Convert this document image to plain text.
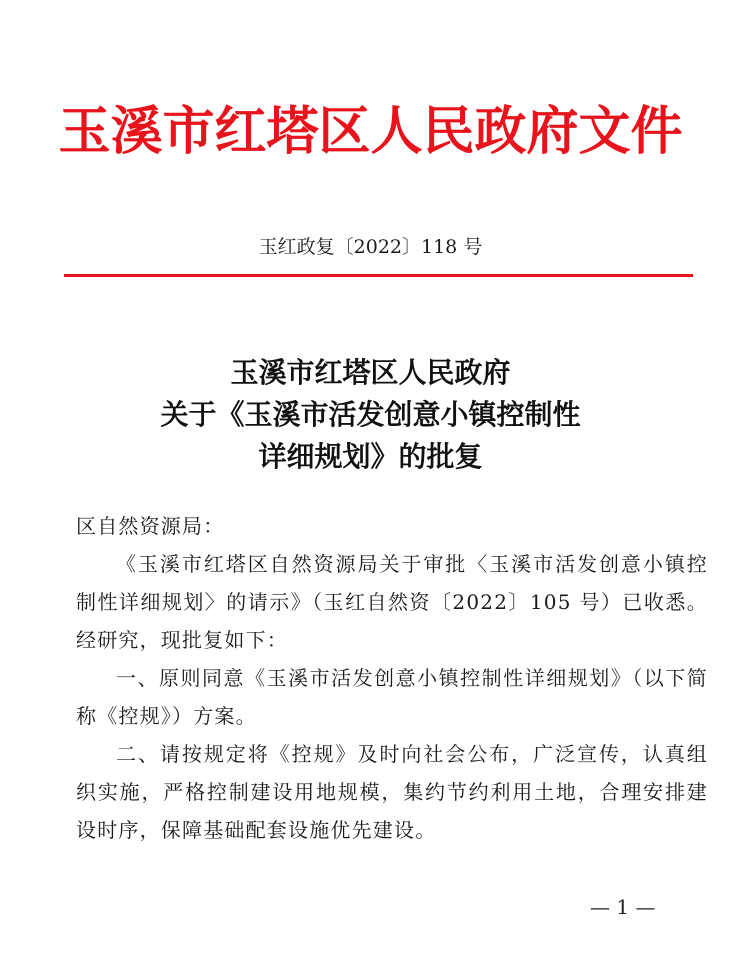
玉溪市红塔区人民政府文件
玉红政复〔2022〕118 号
玉溪市红塔区人民政府
关于《玉溪市活发创意小镇控制性
详细规划》的批复

区自然资源局：

《玉溪市红塔区自然资源局关于审批〈玉溪市活发创意小镇控制性详细规划〉的请示》（玉红自然资〔2022〕105 号）已收悉。经研究，现批复如下：

一、原则同意《玉溪市活发创意小镇控制性详细规划》（以下简称《控规》）方案。

二、请按规定将《控规》及时向社会公布，广泛宣传，认真组织实施，严格控制建设用地规模，集约节约利用土地，合理安排建设时序，保障基础配套设施优先建设。

— 1 —
